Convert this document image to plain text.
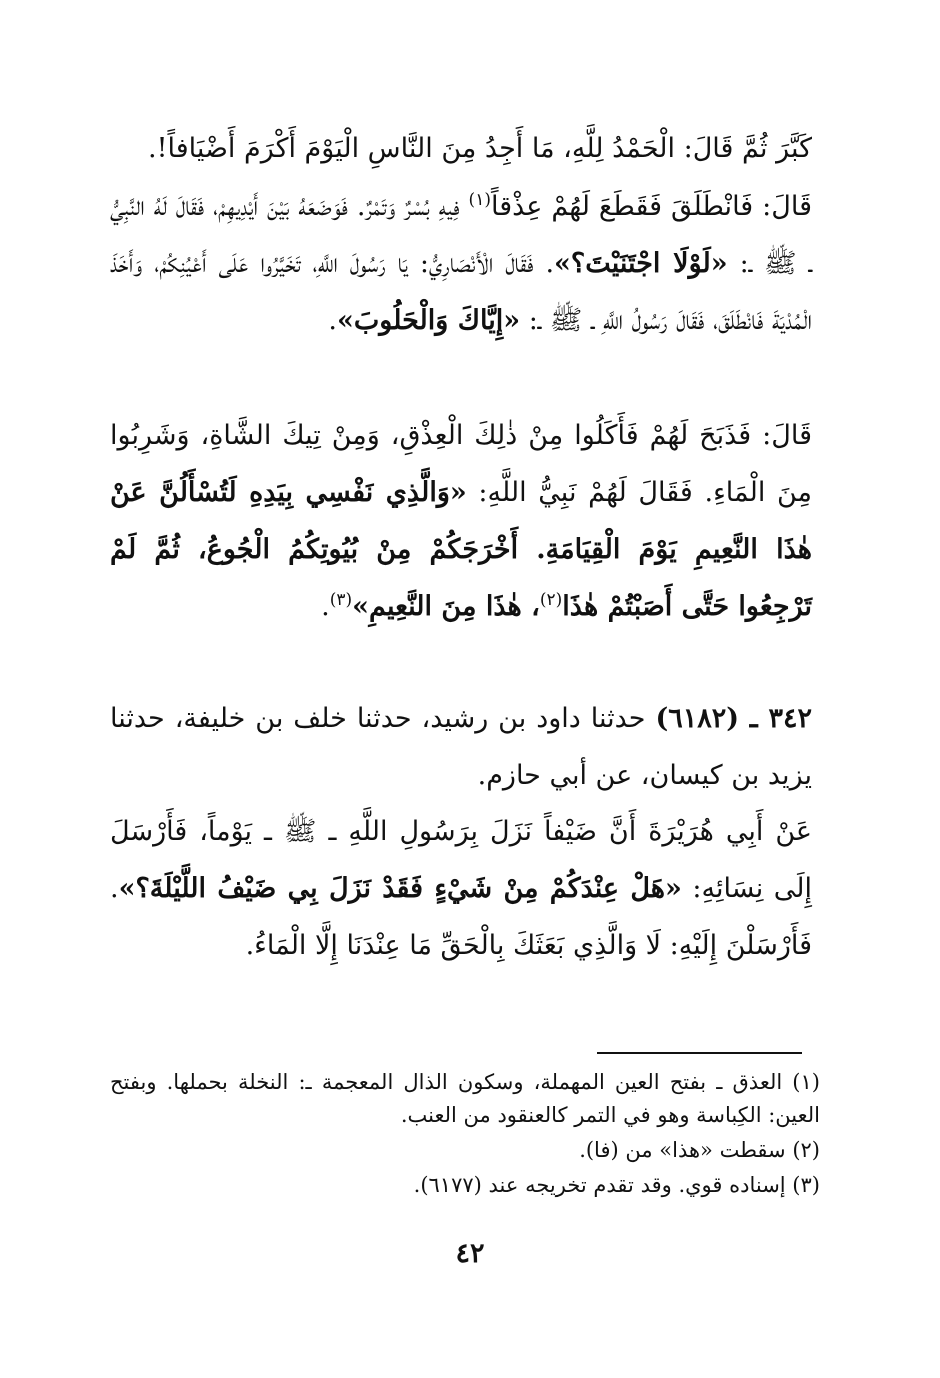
كَبَّرَ ثُمَّ قَالَ: الْحَمْدُ لِلَّهِ، مَا أَجِدُ مِنَ النَّاسِ الْيَوْمَ أَكْرَمَ أَضْيَافاً!.

قَالَ: فَانْطَلَقَ فَقَطَعَ لَهُمْ عِذْقاً$^{(١)}$ فِيهِ بُسْرٌ وَتَمْرٌ. فَوَضَعَهُ بَيْنَ أَيْدِيهِمْ، فَقَالَ لَهُ النَّبِيُّ ـ ﷺ ـ: «لَوْلَا اجْتَنَيْتَ؟». فَقَالَ الْأَنْصَارِيُّ: يَا رَسُولَ اللَّهِ، تَخَيَّرُوا عَلَى أَعْيُنِكُمْ، وَأَخَذَ الْمُدْيَةَ فَانْطَلَقَ، فَقَالَ رَسُولُ اللَّهِ ـ ﷺ ـ: «إِيَّاكَ وَالْحَلُوبَ».

قَالَ: فَذَبَحَ لَهُمْ فَأَكَلُوا مِنْ ذٰلِكَ الْعِذْقِ، وَمِنْ تِيكَ الشَّاةِ، وَشَرِبُوا مِنَ الْمَاءِ. فَقَالَ لَهُمْ نَبِيُّ اللَّهِ: «وَالَّذِي نَفْسِي بِيَدِهِ لَتُسْأَلُنَّ عَنْ هٰذَا النَّعِيمِ يَوْمَ الْقِيَامَةِ. أَخْرَجَكُمْ مِنْ بُيُوتِكُمُ الْجُوعُ، ثُمَّ لَمْ تَرْجِعُوا حَتَّى أَصَبْتُمْ هٰذَا$^{(٢)}$، هٰذَا مِنَ النَّعِيمِ»$^{(٣)}$.

٣٤٢ ـ (٦١٨٢) حدثنا داود بن رشيد، حدثنا خلف بن خليفة، حدثنا يزيد بن كيسان، عن أبي حازم.

عَنْ أَبِي هُرَيْرَةَ أَنَّ ضَيْفاً نَزَلَ بِرَسُولِ اللَّهِ ـ ﷺ ـ يَوْماً، فَأَرْسَلَ إِلَى نِسَائِهِ: «هَلْ عِنْدَكُمْ مِنْ شَيْءٍ فَقَدْ نَزَلَ بِي ضَيْفُ اللَّيْلَةَ؟». فَأَرْسَلْنَ إِلَيْهِ: لَا وَالَّذِي بَعَثَكَ بِالْحَقِّ مَا عِنْدَنَا إِلَّا الْمَاءُ.

(١) العذق ـ بفتح العين المهملة، وسكون الذال المعجمة ـ: النخلة بحملها. وبفتح العين: الكِباسة وهو في التمر كالعنقود من العنب.

(٢) سقطت «هذا» من (فا).

(٣) إسناده قوي. وقد تقدم تخريجه عند (٦١٧٧).

٤٢
